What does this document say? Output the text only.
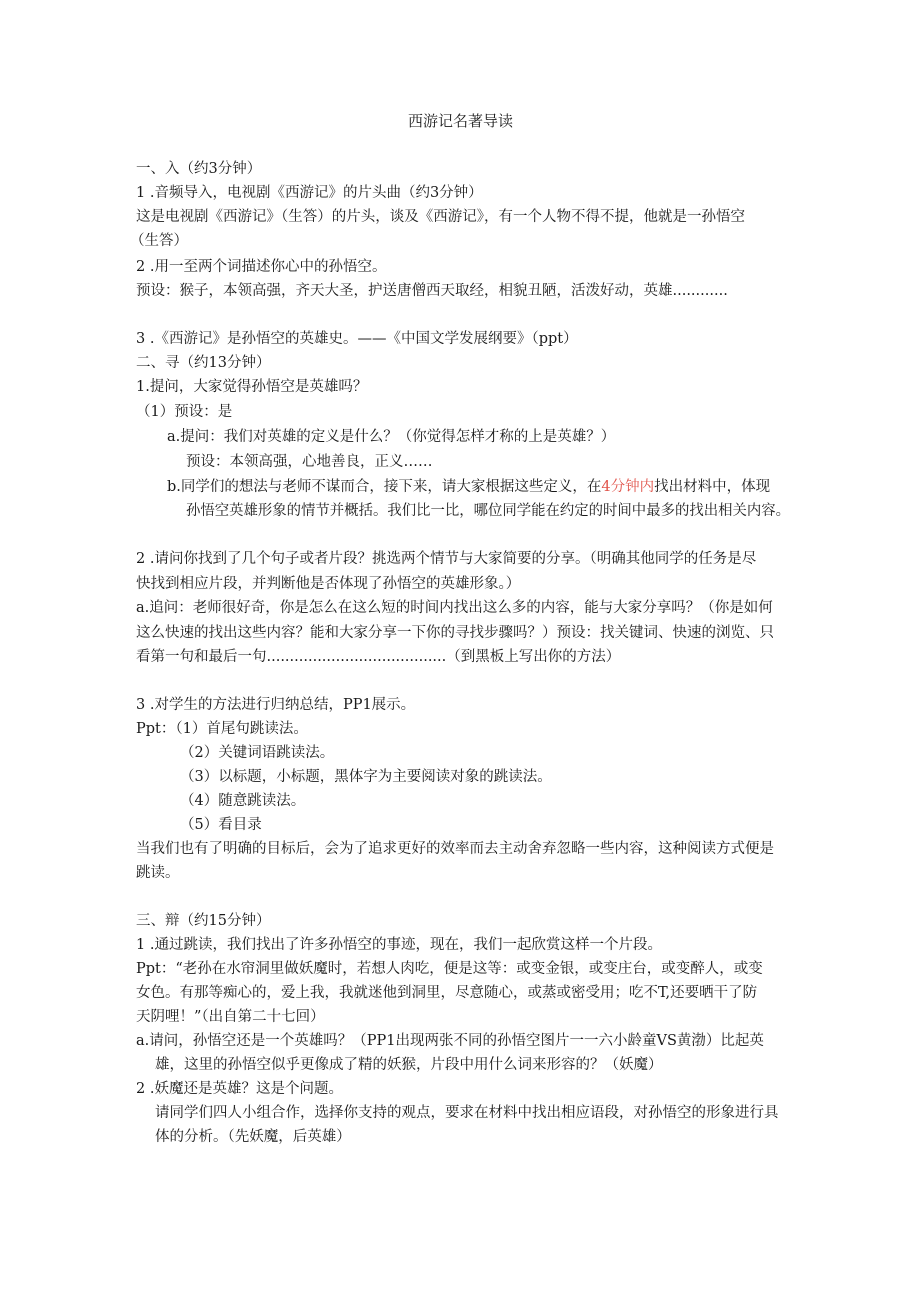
西游记名著导读
一、入（约3分钟）
1 .音频导入，电视剧《西游记》的片头曲（约3分钟）
这是电视剧《西游记》（生答）的片头，谈及《西游记》，有一个人物不得不提，他就是一孙悟空
（生答）
2 .用一至两个词描述你心中的孙悟空。
预设：猴子，本领高强，齐天大圣，护送唐僧西天取经，相貌丑陋，活泼好动，英雄............
3 .《西游记》是孙悟空的英雄史。——《中国文学发展纲要》（ppt）
二、寻（约13分钟）
1.提问，大家觉得孙悟空是英雄吗？
（1）预设：是
a.提问：我们对英雄的定义是什么？（你觉得怎样才称的上是英雄？）
预设：本领高强，心地善良，正义……
b.同学们的想法与老师不谋而合，接下来，请大家根据这些定义，在4分钟内找出材料中，体现
孙悟空英雄形象的情节并概括。我们比一比，哪位同学能在约定的时间中最多的找出相关内容。
2 .请问你找到了几个句子或者片段？挑选两个情节与大家简要的分享。（明确其他同学的任务是尽
快找到相应片段，并判断他是否体现了孙悟空的英雄形象。）
a.追问：老师很好奇，你是怎么在这么短的时间内找出这么多的内容，能与大家分享吗？（你是如何
这么快速的找出这些内容？能和大家分享一下你的寻找步骤吗？）预设：找关键词、快速的浏览、只
看第一句和最后一句.......................................（到黑板上写出你的方法）
3 .对学生的方法进行归纳总结，PP1展示。
Ppt：（1）首尾句跳读法。
（2）关键词语跳读法。
（3）以标题，小标题，黑体字为主要阅读对象的跳读法。
（4）随意跳读法。
（5）看目录
当我们也有了明确的目标后，会为了追求更好的效率而去主动舍弃忽略一些内容，这种阅读方式便是
跳读。
三、辩（约15分钟）
1 .通过跳读，我们找出了许多孙悟空的事迹，现在，我们一起欣赏这样一个片段。
Ppt：“老孙在水帘洞里做妖魔时，若想人肉吃，便是这等：或变金银，或变庄台，或变醉人，或变
女色。有那等痴心的，爱上我，我就迷他到洞里，尽意随心，或蒸或密受用；吃不T,还要晒干了防
天阴哩！”（出自第二十七回）
a.请问，孙悟空还是一个英雄吗？（PP1出现两张不同的孙悟空图片一一六小龄童VS黄渤）比起英
雄，这里的孙悟空似乎更像成了精的妖猴，片段中用什么词来形容的？（妖魔）
2 .妖魔还是英雄？这是个问题。
请同学们四人小组合作，选择你支持的观点，要求在材料中找出相应语段，对孙悟空的形象进行具
体的分析。（先妖魔，后英雄）
